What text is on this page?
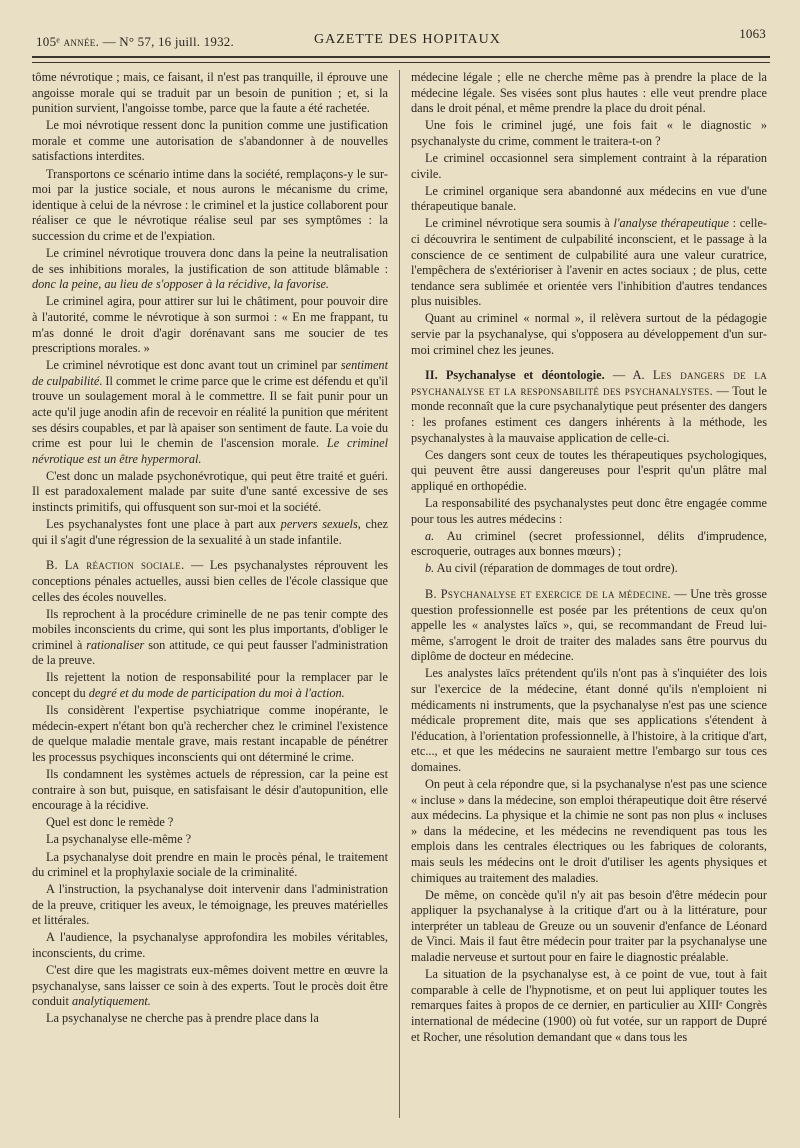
105ᵉ année. — N° 57, 16 juill. 1932.	GAZETTE DES HOPITAUX	1063

tôme névrotique ; mais, ce faisant, il n'est pas tranquille, il éprouve une angoisse morale qui se traduit par un besoin de punition ; et, si la punition survient, l'angoisse tombe, parce que la faute a été rachetée.

Le moi névrotique ressent donc la punition comme une justification morale et comme une autorisation de s'abandonner à de nouvelles satisfactions interdites.

Transportons ce scénario intime dans la société, remplaçons-y le sur-moi par la justice sociale, et nous aurons le mécanisme du crime, identique à celui de la névrose : le criminel et la justice collaborent pour réaliser ce que le névrotique réalise seul par ses symptômes : la succession du crime et de l'expiation.

Le criminel névrotique trouvera donc dans la peine la neutralisation de ses inhibitions morales, la justification de son attitude blâmable : donc la peine, au lieu de s'opposer à la récidive, la favorise.

Le criminel agira, pour attirer sur lui le châtiment, pour pouvoir dire à l'autorité, comme le névrotique à son surmoi : « En me frappant, tu m'as donné le droit d'agir dorénavant sans me soucier de tes prescriptions morales. »

Le criminel névrotique est donc avant tout un criminel par sentiment de culpabilité. Il commet le crime parce que le crime est défendu et qu'il trouve un soulagement moral à le commettre. Il se fait punir pour un acte qu'il juge anodin afin de recevoir en réalité la punition que méritent ses désirs coupables, et par là apaiser son sentiment de faute. La voie du crime est pour lui le chemin de l'ascension morale. Le criminel névrotique est un être hypermoral.

C'est donc un malade psychonévrotique, qui peut être traité et guéri. Il est paradoxalement malade par suite d'une santé excessive de ses instincts primitifs, qui offusquent son sur-moi et la société.

Les psychanalystes font une place à part aux pervers sexuels, chez qui il s'agit d'une régression de la sexualité à un stade infantile.

B. La réaction sociale. — Les psychanalystes réprouvent les conceptions pénales actuelles, aussi bien celles de l'école classique que celles des écoles nouvelles.

Ils reprochent à la procédure criminelle de ne pas tenir compte des mobiles inconscients du crime, qui sont les plus importants, d'obliger le criminel à rationaliser son attitude, ce qui peut fausser l'administration de la preuve.

Ils rejettent la notion de responsabilité pour la remplacer par le concept du degré et du mode de participation du moi à l'action.

Ils considèrent l'expertise psychiatrique comme inopérante, le médecin-expert n'étant bon qu'à rechercher chez le criminel l'existence de quelque maladie mentale grave, mais restant incapable de pénétrer les processus psychiques inconscients qui ont déterminé le crime.

Ils condamnent les systèmes actuels de répression, car la peine est contraire à son but, puisque, en satisfaisant le désir d'autopunition, elle encourage à la récidive.

Quel est donc le remède ?

La psychanalyse elle-même ?

La psychanalyse doit prendre en main le procès pénal, le traitement du criminel et la prophylaxie sociale de la criminalité.

A l'instruction, la psychanalyse doit intervenir dans l'administration de la preuve, critiquer les aveux, le témoignage, les preuves matérielles et littérales.

A l'audience, la psychanalyse approfondira les mobiles véritables, inconscients, du crime.

C'est dire que les magistrats eux-mêmes doivent mettre en œuvre la psychanalyse, sans laisser ce soin à des experts. Tout le procès doit être conduit analytiquement.

La psychanalyse ne cherche pas à prendre place dans la

médecine légale ; elle ne cherche même pas à prendre la place de la médecine légale. Ses visées sont plus hautes : elle veut prendre place dans le droit pénal, et même prendre la place du droit pénal.

Une fois le criminel jugé, une fois fait « le diagnostic » psychanalyste du crime, comment le traitera-t-on ?

Le criminel occasionnel sera simplement contraint à la réparation civile.

Le criminel organique sera abandonné aux médecins en vue d'une thérapeutique banale.

Le criminel névrotique sera soumis à l'analyse thérapeutique : celle-ci découvrira le sentiment de culpabilité inconscient, et le passage à la conscience de ce sentiment de culpabilité aura une valeur curatrice, l'empêchera de s'extérioriser à l'avenir en actes sociaux ; de plus, cette tendance sera sublimée et orientée vers l'inhibition d'autres tendances plus nuisibles.

Quant au criminel « normal », il relèvera surtout de la pédagogie servie par la psychanalyse, qui s'opposera au développement d'un sur-moi criminel chez les jeunes.

II. Psychanalyse et déontologie. — A. Les dangers de la psychanalyse et la responsabilité des psychanalystes. — Tout le monde reconnaît que la cure psychanalytique peut présenter des dangers : les profanes estiment ces dangers inhérents à la méthode, les psychanalystes à la mauvaise application de celle-ci.

Ces dangers sont ceux de toutes les thérapeutiques psychologiques, qui peuvent être aussi dangereuses pour l'esprit qu'un plâtre mal appliqué en orthopédie.

La responsabilité des psychanalystes peut donc être engagée comme pour tous les autres médecins :

a. Au criminel (secret professionnel, délits d'imprudence, escroquerie, outrages aux bonnes mœurs) ;

b. Au civil (réparation de dommages de tout ordre).

B. Psychanalyse et exercice de la médecine. — Une très grosse question professionnelle est posée par les prétentions de ceux qu'on appelle les « analystes laïcs », qui, se recommandant de Freud lui-même, s'arrogent le droit de traiter des malades sans être pourvus du diplôme de docteur en médecine.

Les analystes laïcs prétendent qu'ils n'ont pas à s'inquiéter des lois sur l'exercice de la médecine, étant donné qu'ils n'emploient ni médicaments ni instruments, que la psychanalyse n'est pas une science médicale proprement dite, mais que ses applications s'étendent à l'éducation, à l'orientation professionnelle, à l'histoire, à la critique d'art, etc..., et que les médecins ne sauraient mettre l'embargo sur tous ces domaines.

On peut à cela répondre que, si la psychanalyse n'est pas une science « incluse » dans la médecine, son emploi thérapeutique doit être réservé aux médecins. La physique et la chimie ne sont pas non plus « incluses » dans la médecine, et les médecins ne revendiquent pas tous les emplois dans les centrales électriques ou les fabriques de colorants, mais seuls les médecins ont le droit d'utiliser les agents physiques et chimiques au traitement des maladies.

De même, on concède qu'il n'y ait pas besoin d'être médecin pour appliquer la psychanalyse à la critique d'art ou à la littérature, pour interpréter un tableau de Greuze ou un souvenir d'enfance de Léonard de Vinci. Mais il faut être médecin pour traiter par la psychanalyse une maladie nerveuse et surtout pour en faire le diagnostic préalable.

La situation de la psychanalyse est, à ce point de vue, tout à fait comparable à celle de l'hypnotisme, et on peut lui appliquer toutes les remarques faites à propos de ce dernier, en particulier au XIIIᵉ Congrès international de médecine (1900) où fut votée, sur un rapport de Dupré et Rocher, une résolution demandant que « dans tous les
